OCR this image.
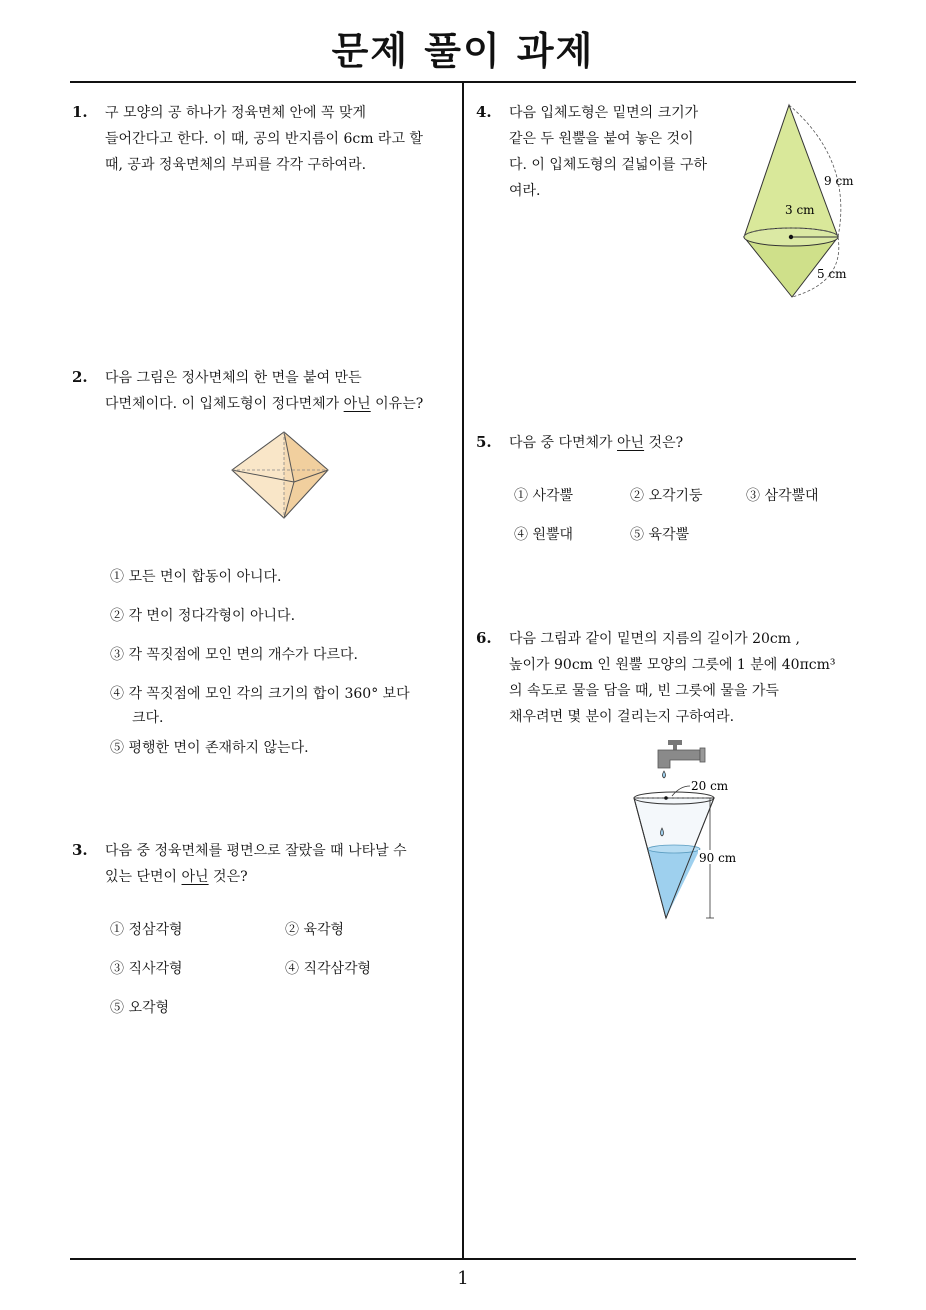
문제 풀이 과제
1
1. 구 모양의 공 하나가 정육면체 안에 꼭 맞게
들어간다고 한다. 이 때, 공의 반지름이 6cm 라고 할
때, 공과 정육면체의 부피를 각각 구하여라.
2. 다음 그림은 정사면체의 한 면을 붙여 만든
다면체이다. 이 입체도형이 정다면체가 아닌 이유는?
① 모든 면이 합동이 아니다.
② 각 면이 정다각형이 아니다.
③ 각 꼭짓점에 모인 면의 개수가 다르다.
④ 각 꼭짓점에 모인 각의 크기의 합이 360° 보다
크다.
⑤ 평행한 면이 존재하지 않는다.
3. 다음 중 정육면체를 평면으로 잘랐을 때 나타날 수
있는 단면이 아닌 것은?
① 정삼각형	② 육각형
③ 직사각형	④ 직각삼각형
⑤ 오각형
4. 다음 입체도형은 밑면의 크기가
같은 두 원뿔을 붙여 놓은 것이
다. 이 입체도형의 겉넓이를 구하
여라.
9 cm
3 cm
5 cm
5. 다음 중 다면체가 아닌 것은?
① 사각뿔	② 오각기둥	③ 삼각뿔대
④ 원뿔대	⑤ 육각뿔
6. 다음 그림과 같이 밑면의 지름의 길이가 20cm ,
높이가 90cm 인 원뿔 모양의 그릇에 1 분에 40πcm³
의 속도로 물을 담을 때, 빈 그릇에 물을 가득
채우려면 몇 분이 걸리는지 구하여라.
20 cm
90 cm
